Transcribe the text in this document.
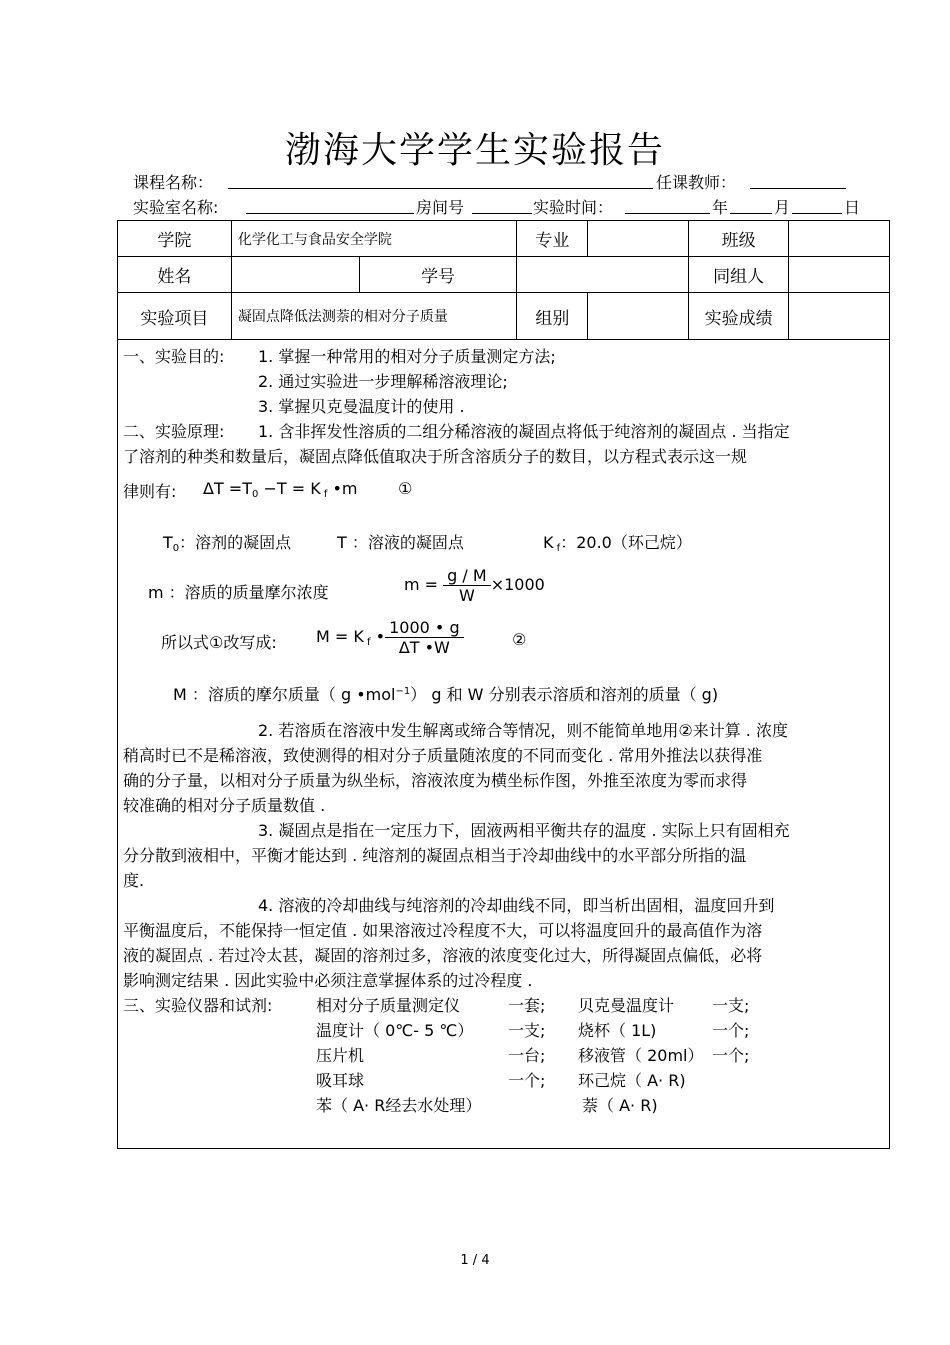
渤海大学学生实验报告
课程名称：	任课教师：
实验室名称:	房间号	实验时间：	年	月	日
学院	化学化工与食品安全学院		专业		班级	
姓名		学号			同组人	
实验项目	凝固点降低法测萘的相对分子质量		组别		实验成绩	
一、实验目的: 1. 掌握一种常用的相对分子质量测定方法;
2. 通过实验进一步理解稀溶液理论;
3. 掌握贝克曼温度计的使用 .
二、实验原理: 1. 含非挥发性溶质的二组分稀溶液的凝固点将低于纯溶剂的凝固点 . 当指定
了溶剂的种类和数量后，凝固点降低值取决于所含溶质分子的数目，以方程式表示这一规
律则有: $\Delta T =T_0 -T = K$ $_f$ •m	①
$T_0$：溶剂的凝固点	T ：溶液的凝固点	K $_f$：20.0（环己烷）
m ：溶质的质量摩尔浓度	$m = \frac{g / M}{W} \times 1000$
所以式①改写成: M = K $_f$ • $\frac{1000 • g}{\Delta T •W}$	②
M ：溶质的摩尔质量（ g •mol$^{-1}$） g 和 W 分别表示溶质和溶剂的质量（ g)
2. 若溶质在溶液中发生解离或缔合等情况，则不能简单地用②来计算 . 浓度
稍高时已不是稀溶液，致使测得的相对分子质量随浓度的不同而变化 . 常用外推法以获得准
确的分子量，以相对分子质量为纵坐标，溶液浓度为横坐标作图，外推至浓度为零而求得
较准确的相对分子质量数值 .
3. 凝固点是指在一定压力下，固液两相平衡共存的温度 . 实际上只有固相充
分分散到液相中，平衡才能达到 . 纯溶剂的凝固点相当于冷却曲线中的水平部分所指的温
度.
4. 溶液的冷却曲线与纯溶剂的冷却曲线不同，即当析出固相，温度回升到
平衡温度后，不能保持一恒定值 . 如果溶液过冷程度不大，可以将温度回升的最高值作为溶
液的凝固点 . 若过冷太甚，凝固的溶剂过多，溶液的浓度变化过大，所得凝固点偏低，必将
影响测定结果 . 因此实验中必须注意掌握体系的过冷程度 .
三、实验仪器和试剂:	相对分子质量测定仪	一套; 贝克曼温度计 一支;
温度计（ 0℃- 5 ℃） 一支; 烧杯（ 1L)	一个;
压片机	一台; 移液管（ 20ml） 一个;
吸耳球	一个; 环己烷（ A· R)
苯（ A· R经去水处理）	萘（ A· R)
1 / 4
